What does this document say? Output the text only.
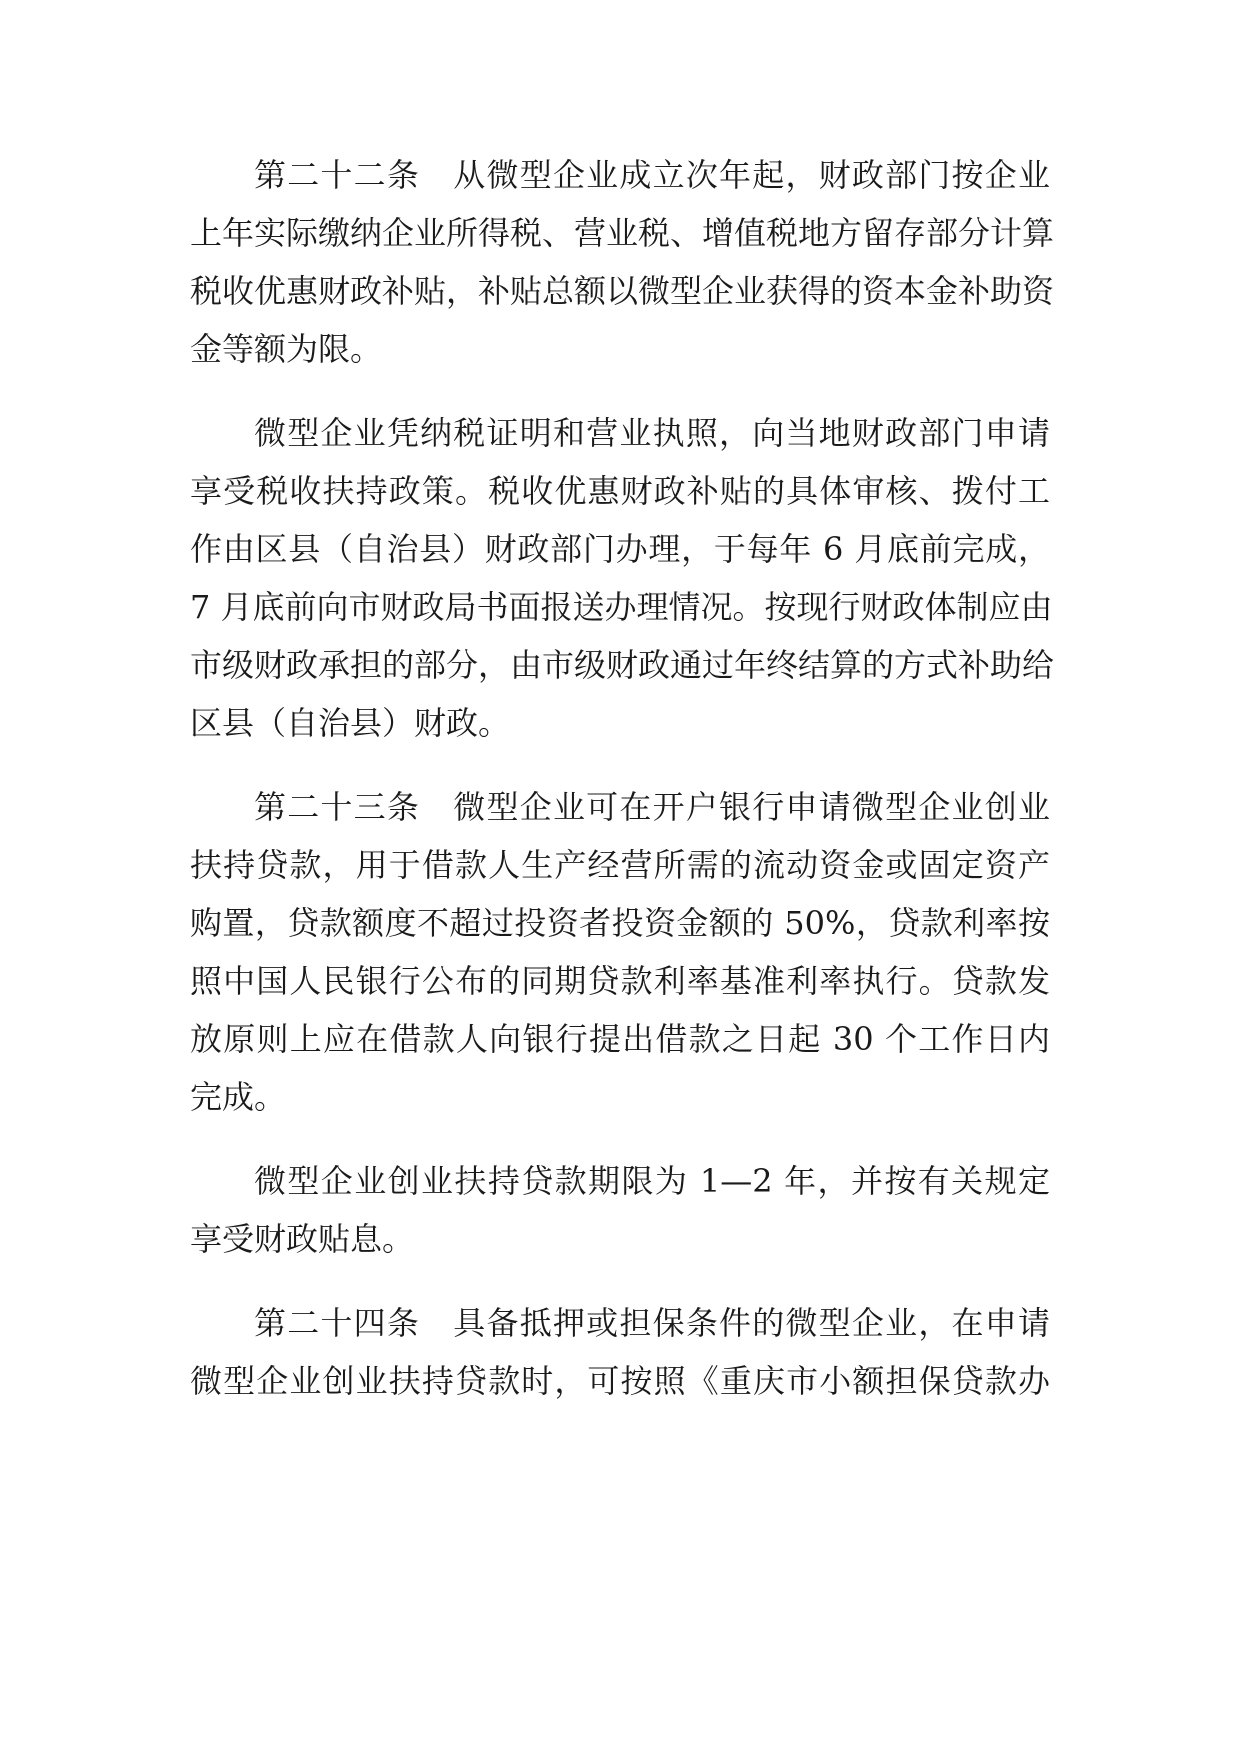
第二十二条　从微型企业成立次年起，财政部门按企业
上年实际缴纳企业所得税、营业税、增值税地方留存部分计算
税收优惠财政补贴，补贴总额以微型企业获得的资本金补助资
金等额为限。

微型企业凭纳税证明和营业执照，向当地财政部门申请
享受税收扶持政策。税收优惠财政补贴的具体审核、拨付工
作由区县（自治县）财政部门办理，于每年 6 月底前完成，
7 月底前向市财政局书面报送办理情况。按现行财政体制应由
市级财政承担的部分，由市级财政通过年终结算的方式补助给
区县（自治县）财政。

第二十三条　微型企业可在开户银行申请微型企业创业
扶持贷款，用于借款人生产经营所需的流动资金或固定资产
购置，贷款额度不超过投资者投资金额的 50%，贷款利率按
照中国人民银行公布的同期贷款利率基准利率执行。贷款发
放原则上应在借款人向银行提出借款之日起 30 个工作日内
完成。

微型企业创业扶持贷款期限为 1—2 年，并按有关规定
享受财政贴息。

第二十四条　具备抵押或担保条件的微型企业，在申请
微型企业创业扶持贷款时，可按照《重庆市小额担保贷款办
